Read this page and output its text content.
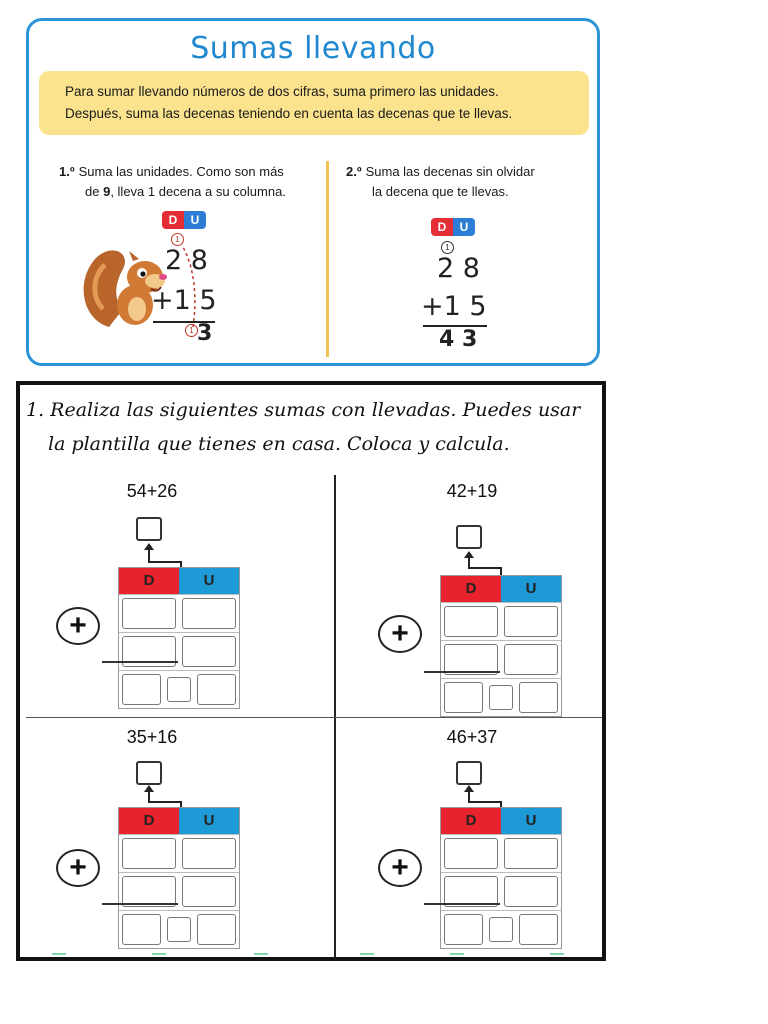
Sumas llevando
Para sumar llevando números de dos cifras, suma primero las unidades.
Después, suma las decenas teniendo en cuenta las decenas que te llevas.
1.º Suma las unidades. Como son más
de 9, lleva 1 decena a su columna.
2.º Suma las decenas sin olvidar
la decena que te llevas.
D	U
1
2 8
+1 5
1 3
D	U
1
2 8
+1 5
4 3
1. Realiza las siguientes sumas con llevadas. Puedes usar
la plantilla que tienes en casa. Coloca y calcula.
54+26
D	U
+
42+19
D	U
+
35+16
D	U
+
46+37
D	U
+
